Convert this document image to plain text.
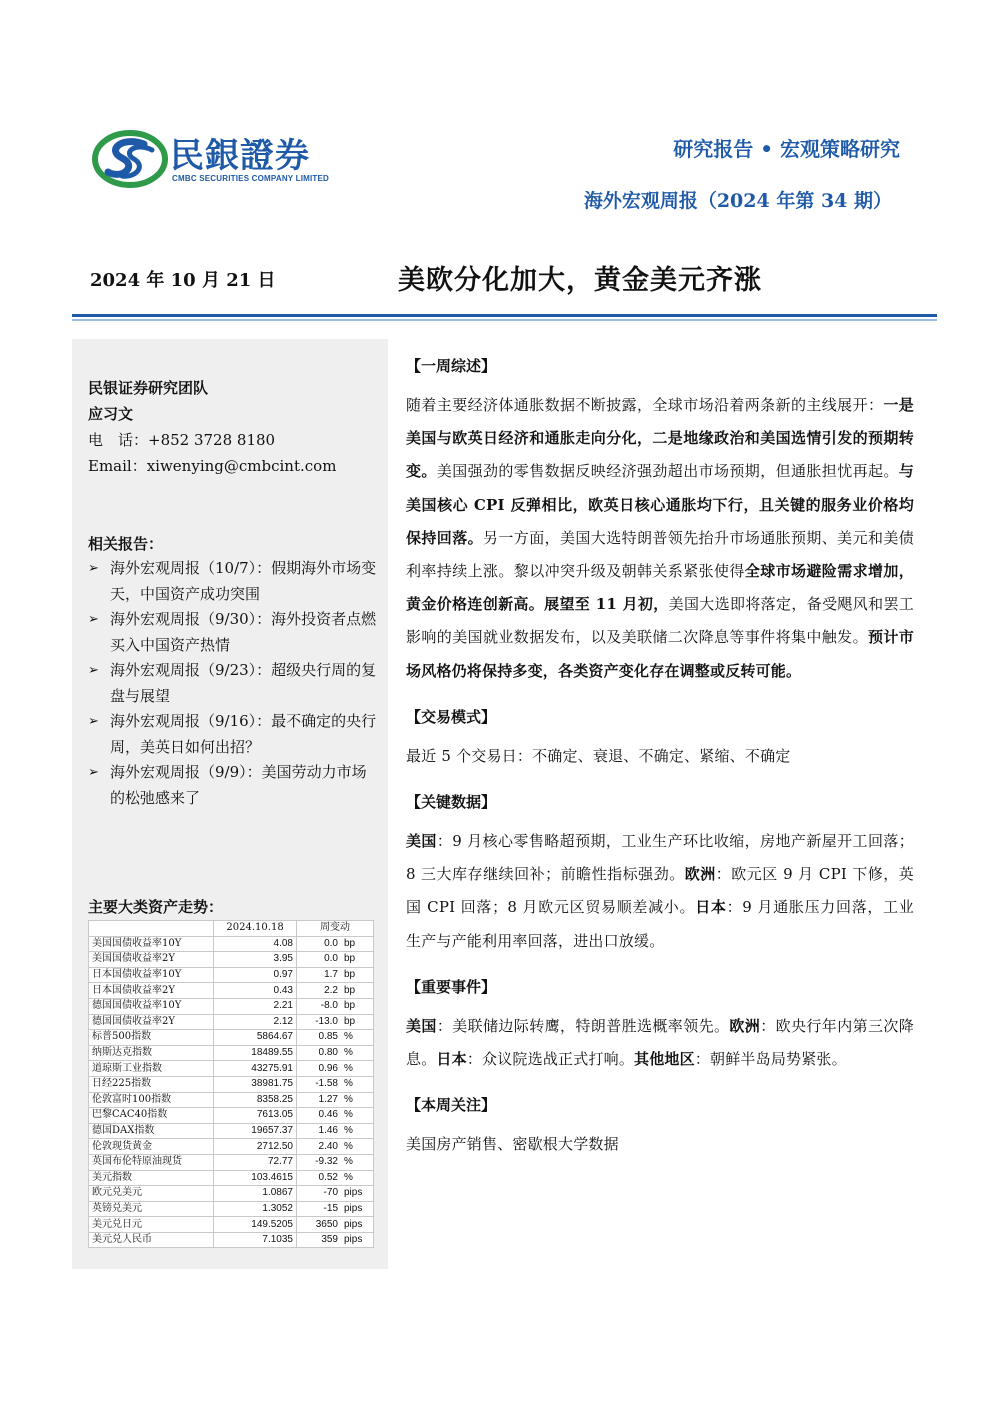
民銀證券
CMBC SECURITIES COMPANY LIMITED
研究报告 • 宏观策略研究
海外宏观周报（2024 年第 34 期）
2024 年 10 月 21 日	美欧分化加大，黄金美元齐涨
民银证券研究团队
应习文
电　话：+852 3728 8180
Email：xiwenying@cmbcint.com
相关报告：
➢ 海外宏观周报（10/7）：假期海外市场变天，中国资产成功突围
➢ 海外宏观周报（9/30）：海外投资者点燃买入中国资产热情
➢ 海外宏观周报（9/23）：超级央行周的复盘与展望
➢ 海外宏观周报（9/16）：最不确定的央行周，美英日如何出招？
➢ 海外宏观周报（9/9）：美国劳动力市场的松弛感来了
主要大类资产走势：
	2024.10.18	周变动	
美国国债收益率10Y	4.08	0.0	bp
美国国债收益率2Y	3.95	0.0	bp
日本国债收益率10Y	0.97	1.7	bp
日本国债收益率2Y	0.43	2.2	bp
德国国债收益率10Y	2.21	-8.0	bp
德国国债收益率2Y	2.12	-13.0	bp
标普500指数	5864.67	0.85	%
纳斯达克指数	18489.55	0.80	%
道琼斯工业指数	43275.91	0.96	%
日经225指数	38981.75	-1.58	%
伦敦富时100指数	8358.25	1.27	%
巴黎CAC40指数	7613.05	0.46	%
德国DAX指数	19657.37	1.46	%
伦敦现货黄金	2712.50	2.40	%
英国布伦特原油现货	72.77	-9.32	%
美元指数	103.4615	0.52	%
欧元兑美元	1.0867	-70	pips
英镑兑美元	1.3052	-15	pips
美元兑日元	149.5205	3650	pips
美元兑人民币	7.1035	359	pips
【一周综述】

随着主要经济体通胀数据不断披露，全球市场沿着两条新的主线展开：一是美国与欧英日经济和通胀走向分化，二是地缘政治和美国选情引发的预期转变。美国强劲的零售数据反映经济强劲超出市场预期，但通胀担忧再起。与美国核心 CPI 反弹相比，欧英日核心通胀均下行，且关键的服务业价格均保持回落。另一方面，美国大选特朗普领先抬升市场通胀预期、美元和美债利率持续上涨。黎以冲突升级及朝韩关系紧张使得全球市场避险需求增加，黄金价格连创新高。展望至 11 月初，美国大选即将落定，备受飓风和罢工影响的美国就业数据发布，以及美联储二次降息等事件将集中触发。预计市场风格仍将保持多变，各类资产变化存在调整或反转可能。

【交易模式】

最近 5 个交易日：不确定、衰退、不确定、紧缩、不确定

【关键数据】

美国：9 月核心零售略超预期，工业生产环比收缩，房地产新屋开工回落；8 三大库存继续回补；前瞻性指标强劲。欧洲：欧元区 9 月 CPI 下修，英国 CPI 回落；8 月欧元区贸易顺差减小。日本：9 月通胀压力回落，工业生产与产能利用率回落，进出口放缓。

【重要事件】

美国：美联储边际转鹰，特朗普胜选概率领先。欧洲：欧央行年内第三次降息。日本：众议院选战正式打响。其他地区：朝鲜半岛局势紧张。

【本周关注】

美国房产销售、密歇根大学数据
